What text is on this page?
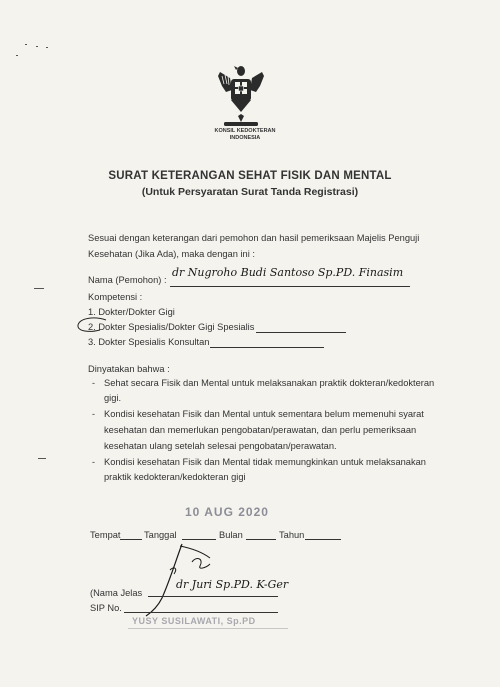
KONSIL KEDOKTERAN
INDONESIA
SURAT KETERANGAN SEHAT FISIK DAN MENTAL
(Untuk Persyaratan Surat Tanda Registrasi)
Sesuai dengan keterangan dari pemohon dan hasil pemeriksaan Majelis Penguji
Kesehatan (Jika Ada), maka dengan ini :
Nama (Pemohon) :
dr Nugroho Budi Santoso Sp.PD. Finasim
Kompetensi :
1. Dokter/Dokter Gigi
2. Dokter Spesialis/Dokter Gigi Spesialis
3. Dokter Spesialis Konsultan
Dinyatakan bahwa :
- Sehat secara Fisik dan Mental untuk melaksanakan praktik dokteran/kedokteran
gigi.
- Kondisi kesehatan Fisik dan Mental untuk sementara belum memenuhi syarat
kesehatan dan memerlukan pengobatan/perawatan, dan perlu pemeriksaan
kesehatan ulang setelah selesai pengobatan/perawatan.
- Kondisi kesehatan Fisik dan Mental tidak memungkinkan untuk melaksanakan
praktik kedokteran/kedokteran gigi
10 AUG 2020
Tempat	Tanggal	Bulan	Tahun
(Nama Jelas
dr Juri Sp.PD. K-Ger
SIP No.
YUSY SUSILAWATI, Sp.PD
